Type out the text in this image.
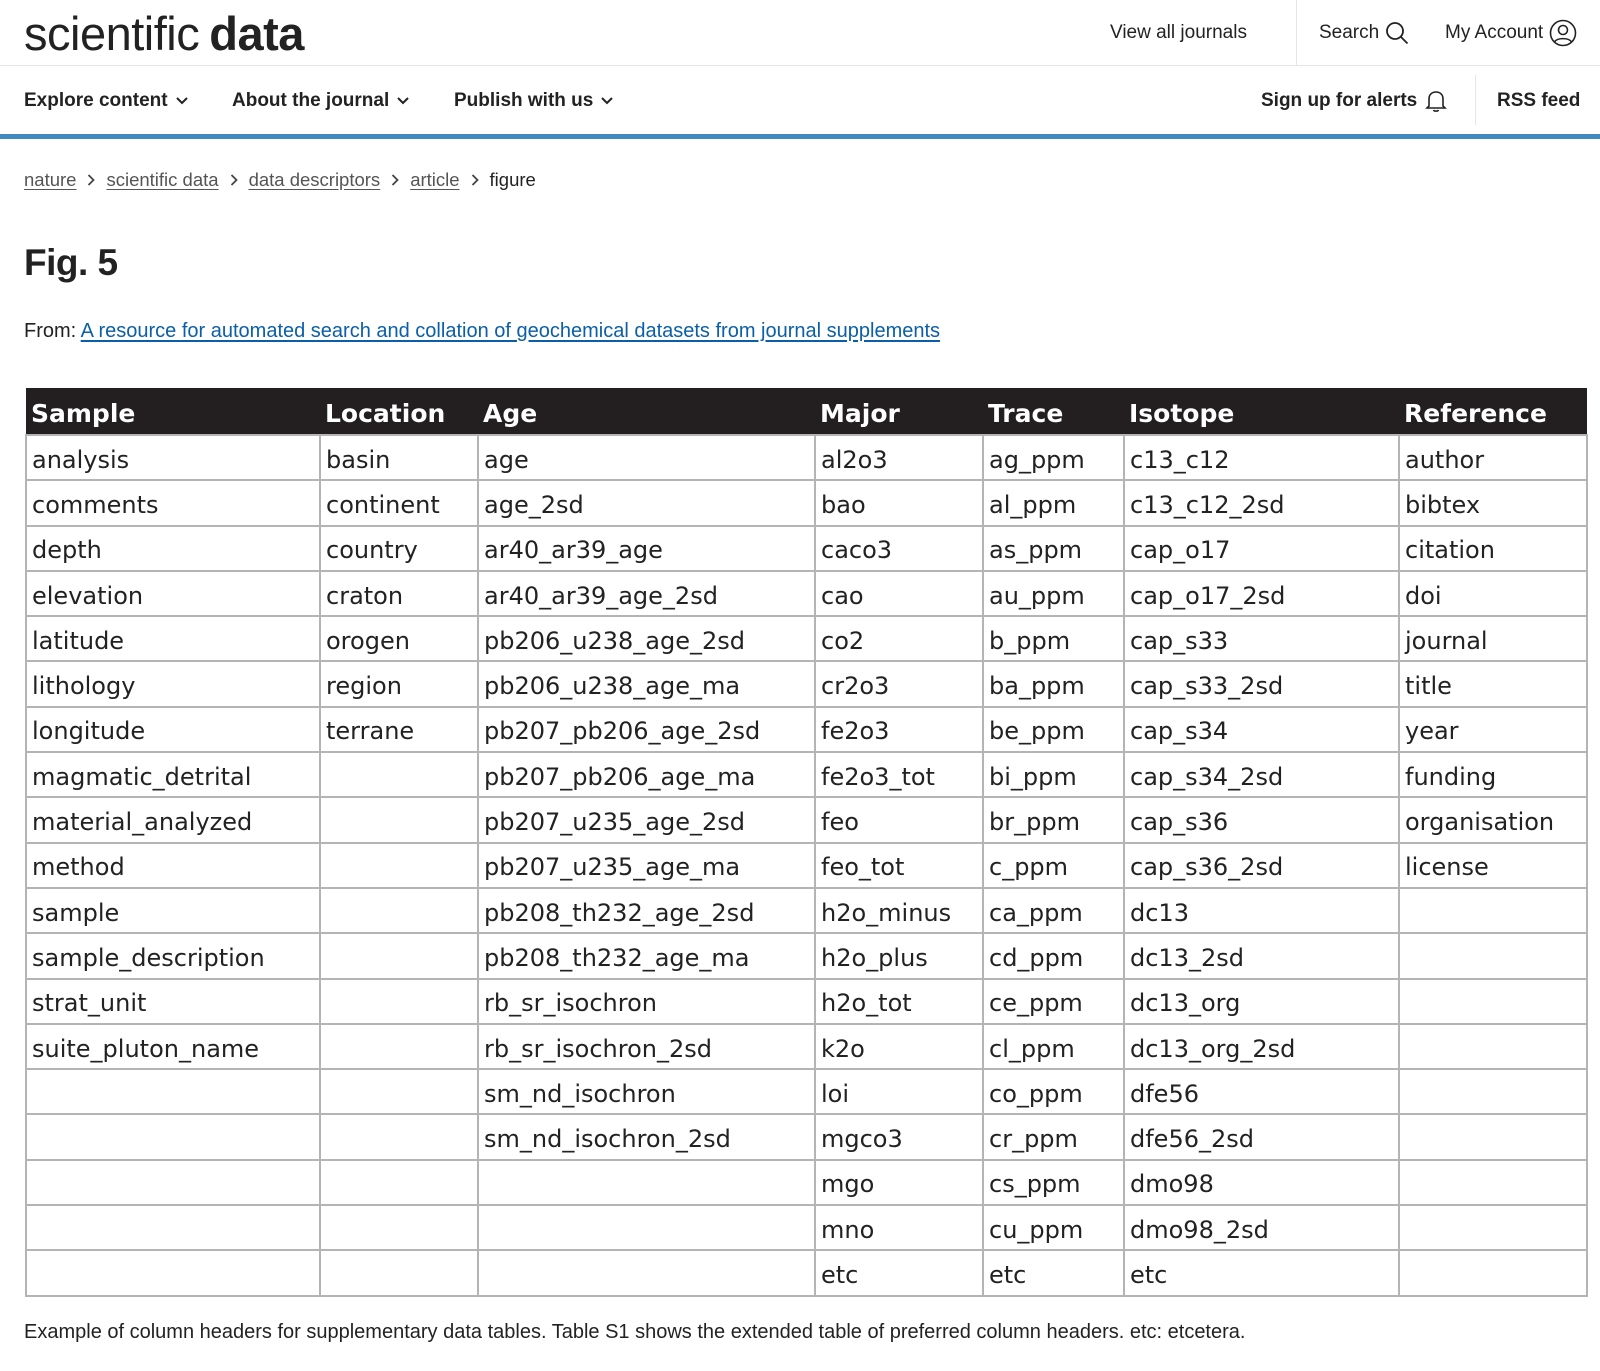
scientific data	View all journals	Search	My Account
Explore content	About the journal	Publish with us	Sign up for alerts	RSS feed
nature scientific data data descriptors article figure
Fig. 5
From: A resource for automated search and collation of geochemical datasets from journal supplements
Sample	Location	Age	Major	Trace	Isotope	Reference
analysis	basin	age	al2o3	ag_ppm	c13_c12	author
comments	continent	age_2sd	bao	al_ppm	c13_c12_2sd	bibtex
depth	country	ar40_ar39_age	caco3	as_ppm	cap_o17	citation
elevation	craton	ar40_ar39_age_2sd	cao	au_ppm	cap_o17_2sd	doi
latitude	orogen	pb206_u238_age_2sd	co2	b_ppm	cap_s33	journal
lithology	region	pb206_u238_age_ma	cr2o3	ba_ppm	cap_s33_2sd	title
longitude	terrane	pb207_pb206_age_2sd	fe2o3	be_ppm	cap_s34	year
magmatic_detrital		pb207_pb206_age_ma	fe2o3_tot	bi_ppm	cap_s34_2sd	funding
material_analyzed		pb207_u235_age_2sd	feo	br_ppm	cap_s36	organisation
method		pb207_u235_age_ma	feo_tot	c_ppm	cap_s36_2sd	license
sample		pb208_th232_age_2sd	h2o_minus	ca_ppm	dc13	
sample_description		pb208_th232_age_ma	h2o_plus	cd_ppm	dc13_2sd	
strat_unit		rb_sr_isochron	h2o_tot	ce_ppm	dc13_org	
suite_pluton_name		rb_sr_isochron_2sd	k2o	cl_ppm	dc13_org_2sd	
		sm_nd_isochron	loi	co_ppm	dfe56	
		sm_nd_isochron_2sd	mgco3	cr_ppm	dfe56_2sd	
			mgo	cs_ppm	dmo98	
			mno	cu_ppm	dmo98_2sd	
			etc	etc	etc	

Example of column headers for supplementary data tables. Table S1 shows the extended table of preferred column headers. etc: etcetera.
